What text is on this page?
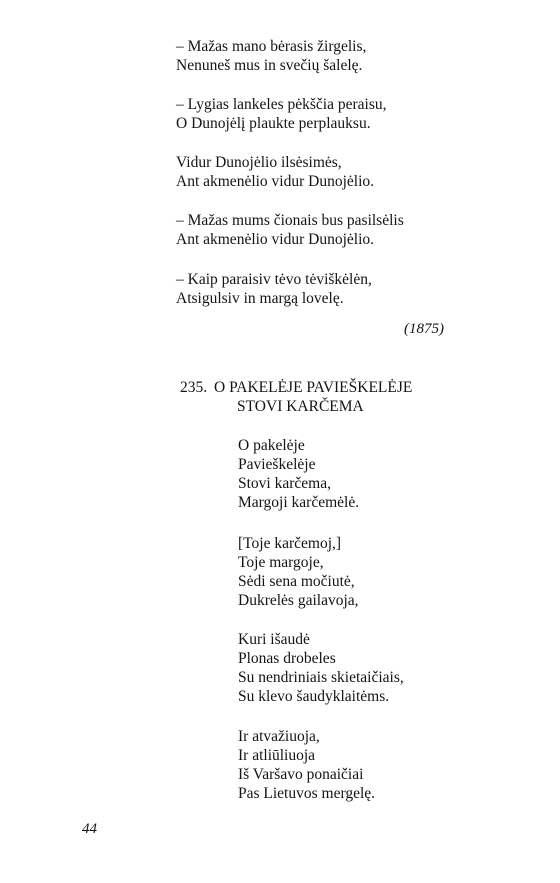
– Mažas mano bėrasis žirgelis,
Nenuneš mus in svečių šalelę.
– Lygias lankeles pėkščia peraisu,
O Dunojėlį plaukte perplauksu.
Vidur Dunojėlio ilsėsimės,
Ant akmenėlio vidur Dunojėlio.
– Mažas mums čionais bus pasilsėlis
Ant akmenėlio vidur Dunojėlio.
– Kaip paraisiv tėvo tėviškėlėn,
Atsigulsiv in margą lovelę.
(1875)
235. O PAKELĖJE PAVIEŠKELĖJE
STOVI KARČEMA
O pakelėje
Pavieškelėje
Stovi karčema,
Margoji karčemėlė.
[Toje karčemoj,]
Toje margoje,
Sėdi sena močiutė,
Dukrelės gailavoja,
Kuri išaudė
Plonas drobeles
Su nendriniais skietaičiais,
Su klevo šaudyklaitėms.
Ir atvažiuoja,
Ir atliūliuoja
Iš Varšavo ponaičiai
Pas Lietuvos mergelę.
44
